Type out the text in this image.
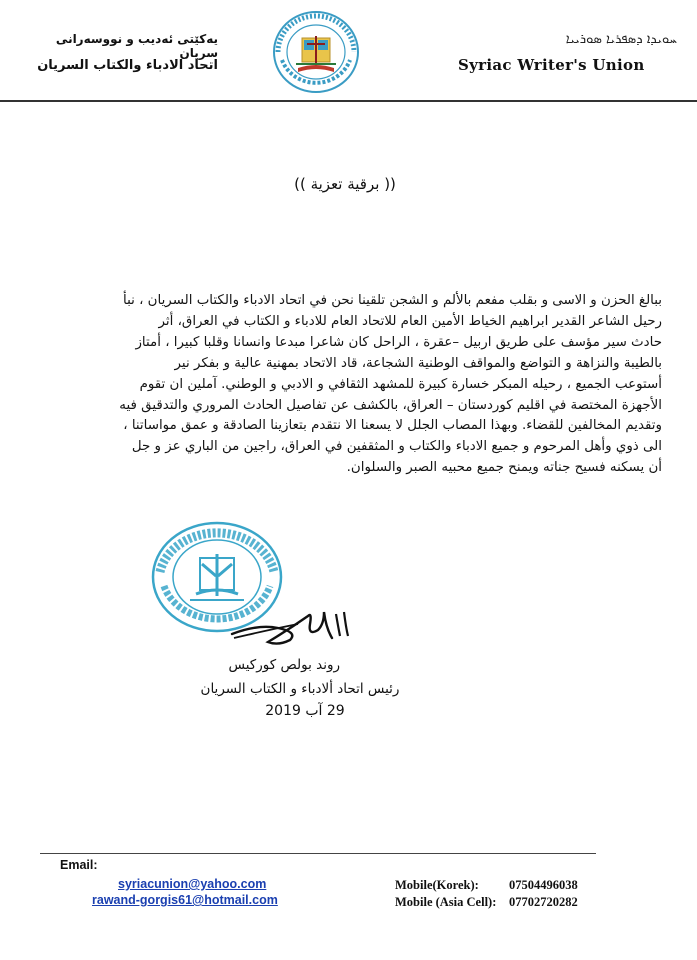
ܚܘܝܕܐ ܕܣܦܪܝܐ ܣܘܪܝܝܐ
Syriac Writer's Union
یەکێتی ئەدیب و نووسەرانی سریان
اتحاد الادباء والكتاب السريان
(( برقية تعزية ))

ببالغ الحزن و الاسى و بقلب مفعم بالألم و الشجن تلقينا نحن في اتحاد الادباء والكتاب السريان ، نبأ

رحيل الشاعر القدير ابراهيم الخياط الأمين العام للاتحاد العام للادباء و الكتاب في العراق، أثر

حادث سير مؤسف على طريق اربيل –عقرة ، الراحل كان شاعرا مبدعا وانسانا وقلبا كبيرا ، أمتاز

بالطيبة والنزاهة و التواضع والمواقف الوطنية الشجاعة، قاد الاتحاد بمهنية عالية و بفكر نير

أستوعب الجميع ، رحيله المبكر خسارة كبيرة للمشهد الثقافي و الادبي و الوطني. آملين ان تقوم

الأجهزة المختصة في اقليم كوردستان – العراق، بالكشف عن تفاصيل الحادث المروري والتدقيق فيه

وتقديم المخالفين للقضاء. وبهذا المصاب الجلل لا يسعنا الا نتقدم بتعازينا الصادقة و عمق مواساتنا ،

الى ذوي وأهل المرحوم و جميع الادباء والكتاب و المثقفين في العراق، راجين من الباري عز و جل

أن يسكنه فسيح جناته ويمنح جميع محبيه الصبر والسلوان.

روند بولص كوركيس
رئيس اتحاد ألادباء و الكتاب السريان
29 آب 2019
Email:
syriacunion@yahoo.com
rawand-gorgis61@hotmail.com
Mobile(Korek): 07504496038
Mobile (Asia Cell): 07702720282
